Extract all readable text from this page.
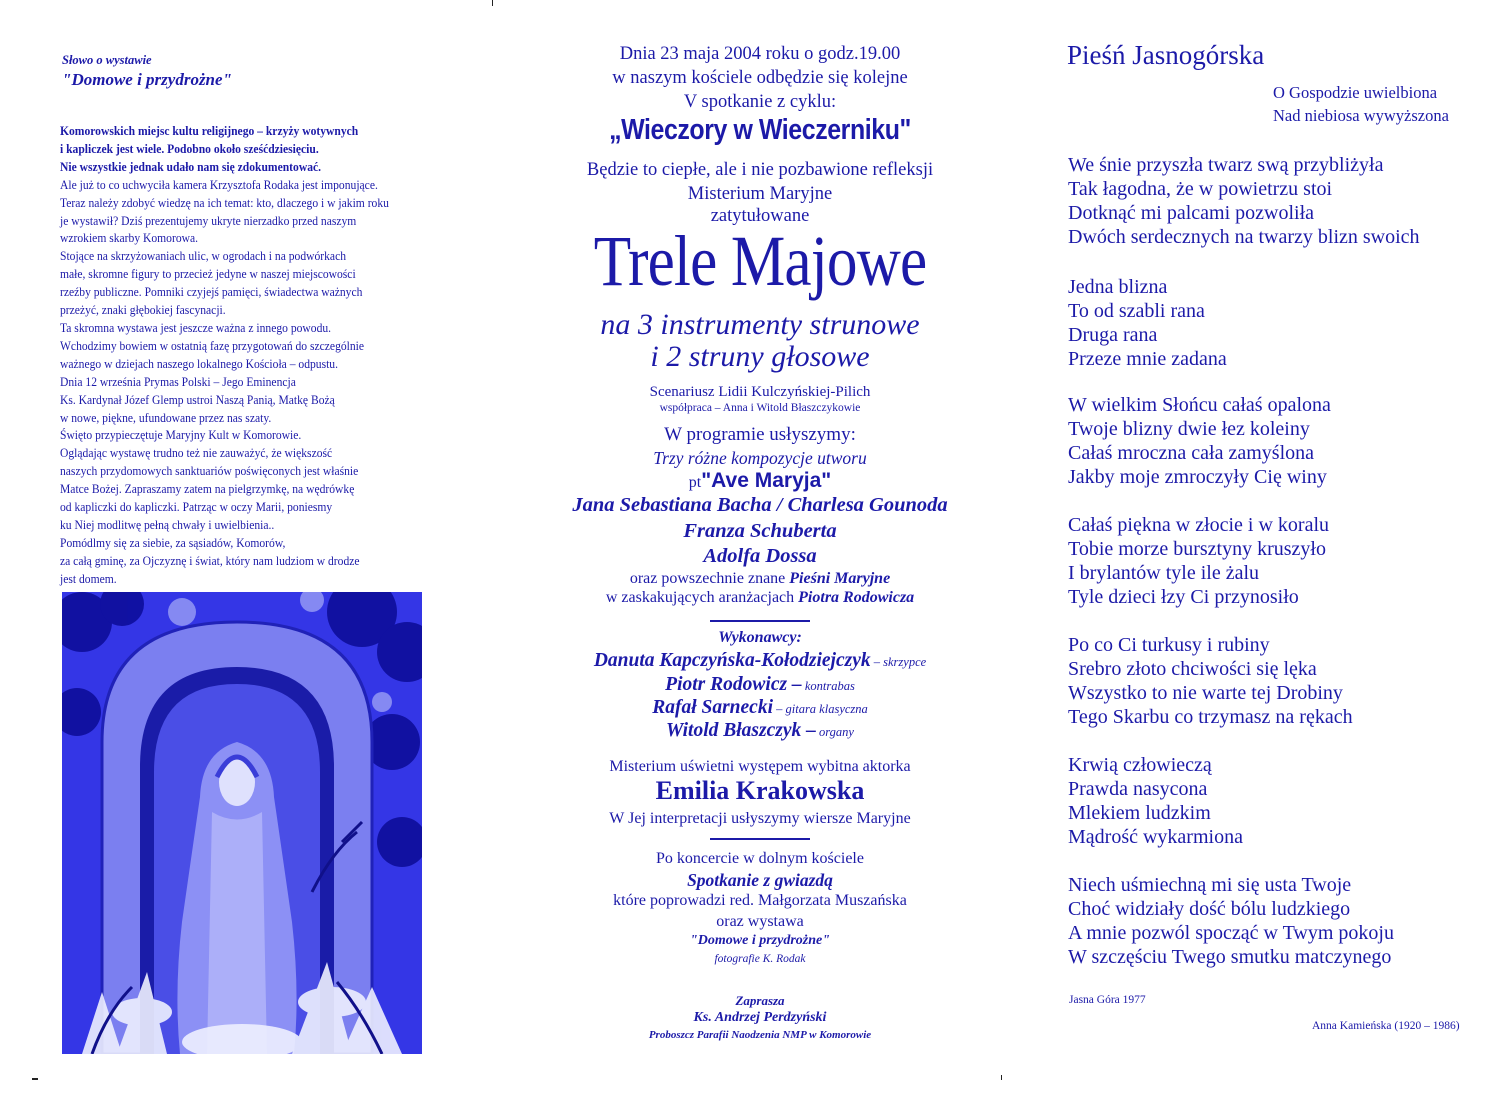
Słowo o wystawie
"Domowe i przydrożne"
Komorowskich miejsc kultu religijnego – krzyży wotywnych
i kapliczek jest wiele. Podobno około sześćdziesięciu.
Nie wszystkie jednak udało nam się zdokumentować.
Ale już to co uchwyciła kamera Krzysztofa Rodaka jest imponujące.
Teraz należy zdobyć wiedzę na ich temat: kto, dlaczego i w jakim roku
je wystawił? Dziś prezentujemy ukryte nierzadko przed naszym
wzrokiem skarby Komorowa.
Stojące na skrzyżowaniach ulic, w ogrodach i na podwórkach
małe, skromne figury to przecież jedyne w naszej miejscowości
rzeźby publiczne. Pomniki czyjejś pamięci, świadectwa ważnych
przeżyć, znaki głębokiej fascynacji.
Ta skromna wystawa jest jeszcze ważna z innego powodu.
Wchodzimy bowiem w ostatnią fazę przygotowań do szczególnie
ważnego w dziejach naszego lokalnego Kościoła – odpustu.
Dnia 12 września Prymas Polski – Jego Eminencja
Ks. Kardynał Józef Glemp ustroi Naszą Panią, Matkę Bożą
w nowe, piękne, ufundowane przez nas szaty.
Święto przypieczętuje Maryjny Kult w Komorowie.
Oglądając wystawę trudno też nie zauważyć, że większość
naszych przydomowych sanktuariów poświęconych jest właśnie
Matce Bożej. Zapraszamy zatem na pielgrzymkę, na wędrówkę
od kapliczki do kapliczki. Patrząc w oczy Marii, poniesmy
ku Niej modlitwę pełną chwały i uwielbienia..
Pomódlmy się za siebie, za sąsiadów, Komorów,
za całą gminę, za Ojczyznę i świat, który nam ludziom w drodze
jest domem.
Dnia 23 maja 2004 roku o godz.19.00
w naszym kościele odbędzie się kolejne
V spotkanie z cyklu:
„Wieczory w Wieczerniku"
Będzie to ciepłe, ale i nie pozbawione refleksji
Misterium Maryjne
zatytułowane
Trele Majowe
na 3 instrumenty strunowe
i 2 struny głosowe
Scenariusz Lidii Kulczyńskiej-Pilich
współpraca – Anna i Witold Błaszczykowie
W programie usłyszymy:
Trzy różne kompozycje utworu
pt"Ave Maryja"
Jana Sebastiana Bacha / Charlesa Gounoda
Franza Schuberta
Adolfa Dossa
oraz powszechnie znane Pieśni Maryjne
w zaskakujących aranżacjach Piotra Rodowicza
Wykonawcy:
Danuta Kapczyńska-Kołodziejczyk – skrzypce
Piotr Rodowicz – kontrabas
Rafał Sarnecki – gitara klasyczna
Witold Błaszczyk – organy
Misterium uświetni występem wybitna aktorka
Emilia Krakowska
W Jej interpretacji usłyszymy wiersze Maryjne
Po koncercie w dolnym kościele
Spotkanie z gwiazdą
które poprowadzi red. Małgorzata Muszańska
oraz wystawa
"Domowe i przydrożne"
fotografie K. Rodak
Zaprasza
Ks. Andrzej Perdzyński
Proboszcz Parafii Naodzenia NMP w Komorowie
Pieśń Jasnogórska
O Gospodzie uwielbiona
Nad niebiosa wywyższona
We śnie przyszła twarz swą przybliżyła
Tak łagodna, że w powietrzu stoi
Dotknąć mi palcami pozwoliła
Dwóch serdecznych na twarzy blizn swoich
Jedna blizna
To od szabli rana
Druga rana
Przeze mnie zadana
W wielkim Słońcu całaś opalona
Twoje blizny dwie łez koleiny
Całaś mroczna cała zamyślona
Jakby moje zmroczyły Cię winy
Całaś piękna w złocie i w koralu
Tobie morze bursztyny kruszyło
I brylantów tyle ile żalu
Tyle dzieci łzy Ci przynosiło
Po co Ci turkusy i rubiny
Srebro złoto chciwości się lęka
Wszystko to nie warte tej Drobiny
Tego Skarbu co trzymasz na rękach
Krwią człowieczą
Prawda nasycona
Mlekiem ludzkim
Mądrość wykarmiona
Niech uśmiechną mi się usta Twoje
Choć widziały dość bólu ludzkiego
A mnie pozwól spocząć w Twym pokoju
W szczęściu Twego smutku matczynego
Jasna Góra 1977
Anna Kamieńska (1920 – 1986)
